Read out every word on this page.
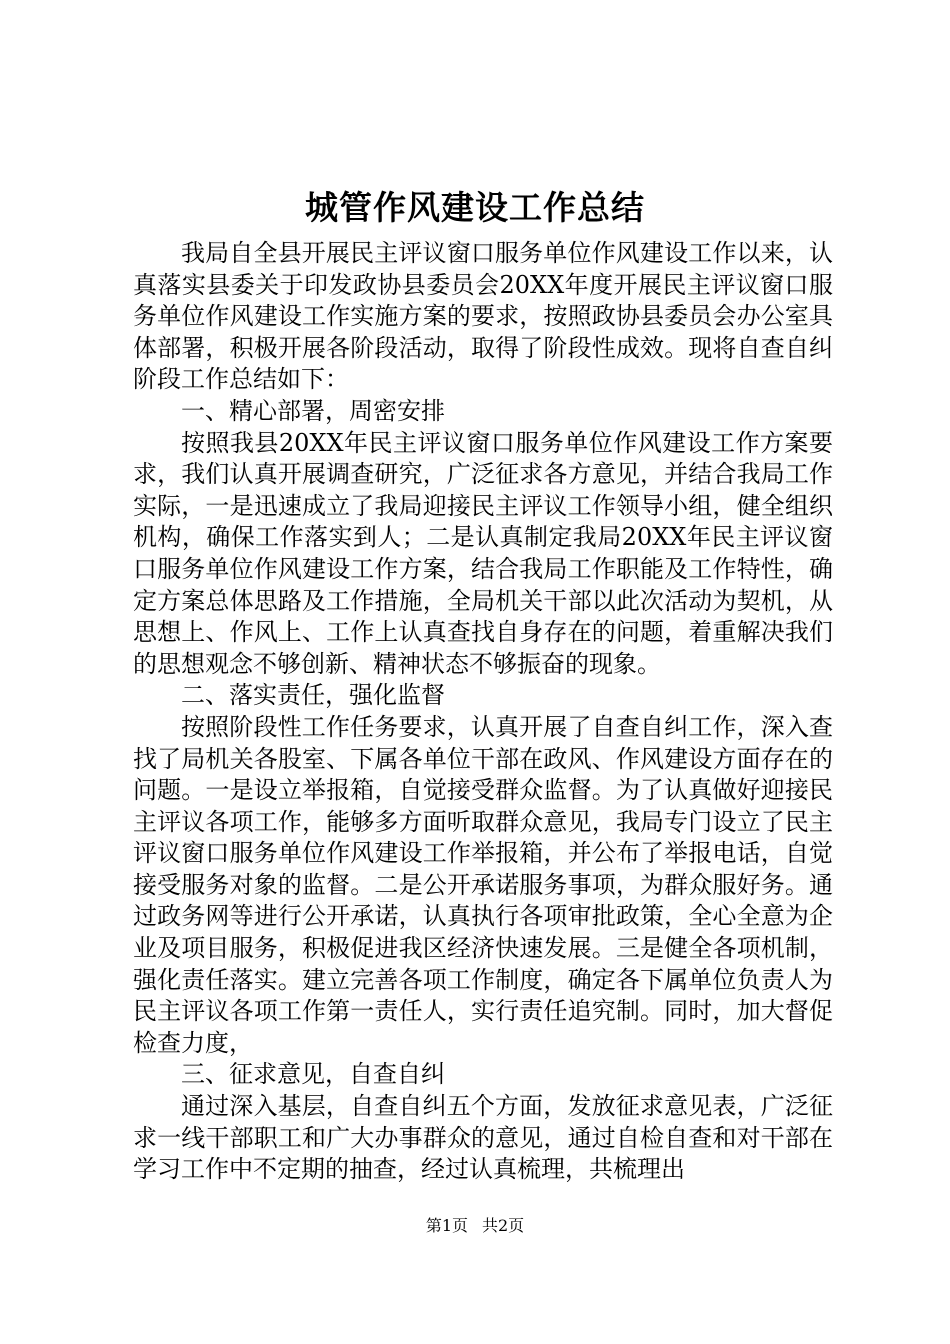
城管作风建设工作总结

我局自全县开展民主评议窗口服务单位作风建设工作以来，认真落实县委关于印发政协县委员会20XX年度开展民主评议窗口服务单位作风建设工作实施方案的要求，按照政协县委员会办公室具体部署，积极开展各阶段活动，取得了阶段性成效。现将自查自纠阶段工作总结如下：

一、精心部署，周密安排

按照我县20XX年民主评议窗口服务单位作风建设工作方案要求，我们认真开展调查研究，广泛征求各方意见，并结合我局工作实际，一是迅速成立了我局迎接民主评议工作领导小组，健全组织机构，确保工作落实到人；二是认真制定我局20XX年民主评议窗口服务单位作风建设工作方案，结合我局工作职能及工作特性，确定方案总体思路及工作措施，全局机关干部以此次活动为契机，从思想上、作风上、工作上认真查找自身存在的问题，着重解决我们的思想观念不够创新、精神状态不够振奋的现象。

二、落实责任，强化监督

按照阶段性工作任务要求，认真开展了自查自纠工作，深入查找了局机关各股室、下属各单位干部在政风、作风建设方面存在的问题。一是设立举报箱，自觉接受群众监督。为了认真做好迎接民主评议各项工作，能够多方面听取群众意见，我局专门设立了民主评议窗口服务单位作风建设工作举报箱，并公布了举报电话，自觉接受服务对象的监督。二是公开承诺服务事项，为群众服好务。通过政务网等进行公开承诺，认真执行各项审批政策，全心全意为企业及项目服务，积极促进我区经济快速发展。三是健全各项机制，强化责任落实。建立完善各项工作制度，确定各下属单位负责人为民主评议各项工作第一责任人，实行责任追究制。同时，加大督促检查力度，

三、征求意见，自查自纠

通过深入基层，自查自纠五个方面，发放征求意见表，广泛征求一线干部职工和广大办事群众的意见，通过自检自查和对干部在学习工作中不定期的抽查，经过认真梳理，共梳理出

第1页 共2页
